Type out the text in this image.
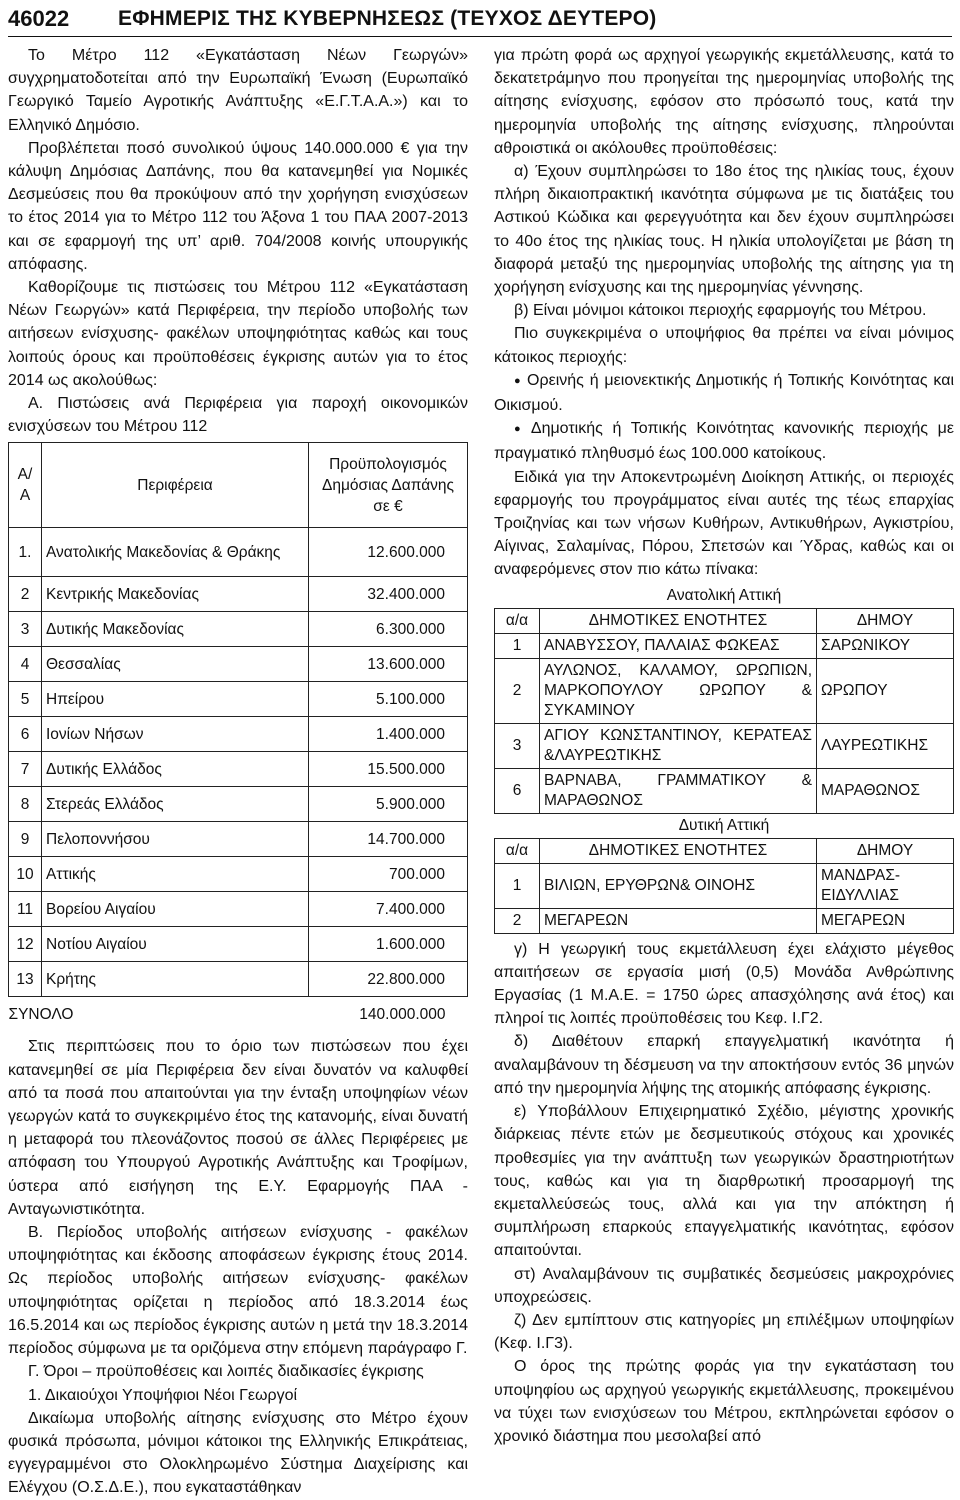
46022	ΕΦΗΜΕΡΙΣ ΤΗΣ ΚΥΒΕΡΝΗΣΕΩΣ (ΤΕΥΧΟΣ ΔΕΥΤΕΡΟ)

Το Μέτρο 112 «Εγκατάσταση Νέων Γεωργών» συγχρηματοδοτείται από την Ευρωπαϊκή Ένωση (Ευρωπαϊκό Γεωργικό Ταμείο Αγροτικής Ανάπτυξης «Ε.Γ.Τ.Α.Α.») και το Ελληνικό Δημόσιο.

Προβλέπεται ποσό συνολικού ύψους 140.000.000 € για την κάλυψη Δημόσιας Δαπάνης, που θα κατανεμηθεί για Νομικές Δεσμεύσεις που θα προκύψουν από την χορήγηση ενισχύσεων το έτος 2014 για το Μέτρο 112 του Άξονα 1 του ΠΑΑ 2007-2013 και σε εφαρμογή της υπ’ αριθ. 704/2008 κοινής υπουργικής απόφασης.

Καθορίζουμε τις πιστώσεις του Μέτρου 112 «Εγκατάσταση Νέων Γεωργών» κατά Περιφέρεια, την περίοδο υποβολής των αιτήσεων ενίσχυσης- φακέλων υποψηφιότητας καθώς και τους λοιπούς όρους και προϋποθέσεις έγκρισης αυτών για το έτος 2014 ως ακολούθως:

Α. Πιστώσεις ανά Περιφέρεια για παροχή οικονομικών ενισχύσεων του Μέτρου 112

Α/Α	Περιφέρεια	Προϋπολογισμός Δημόσιας Δαπάνης σε €
1.	Ανατολικής Μακεδονίας & Θράκης	12.600.000
2	Κεντρικής Μακεδονίας	32.400.000
3	Δυτικής Μακεδονίας	6.300.000
4	Θεσσαλίας	13.600.000
5	Ηπείρου	5.100.000
6	Ιονίων Νήσων	1.400.000
7	Δυτικής Ελλάδος	15.500.000
8	Στερεάς Ελλάδος	5.900.000
9	Πελοποννήσου	14.700.000
10	Αττικής	700.000
11	Βορείου Αιγαίου	7.400.000
12	Νοτίου Αιγαίου	1.600.000
13	Κρήτης	22.800.000
ΣΥΝΟΛΟ		140.000.000

Στις περιπτώσεις που το όριο των πιστώσεων που έχει κατανεμηθεί σε μία Περιφέρεια δεν είναι δυνατόν να καλυφθεί από τα ποσά που απαιτούνται για την ένταξη υποψηφίων νέων γεωργών κατά το συγκεκριμένο έτος της κατανομής, είναι δυνατή η μεταφορά του πλεονάζοντος ποσού σε άλλες Περιφέρειες με απόφαση του Υπουργού Αγροτικής Ανάπτυξης και Τροφίμων, ύστερα από εισήγηση της Ε.Υ. Εφαρμογής ΠΑΑ - Ανταγωνιστικότητα.

Β. Περίοδος υποβολής αιτήσεων ενίσχυσης - φακέλων υποψηφιότητας και έκδοσης αποφάσεων έγκρισης έτους 2014. Ως περίοδος υποβολής αιτήσεων ενίσχυσης- φακέλων υποψηφιότητας ορίζεται η περίοδος από 18.3.2014 έως 16.5.2014 και ως περίοδος έγκρισης αυτών η μετά την 18.3.2014 περίοδος σύμφωνα με τα οριζόμενα στην επόμενη παράγραφο Γ.

Γ. Όροι – προϋποθέσεις και λοιπές διαδικασίες έγκρισης

1. Δικαιούχοι Υποψήφιοι Νέοι Γεωργοί

Δικαίωμα υποβολής αίτησης ενίσχυσης στο Μέτρο έχουν φυσικά πρόσωπα, μόνιμοι κάτοικοι της Ελληνικής Επικράτειας, εγγεγραμμένοι στο Ολοκληρωμένο Σύστημα Διαχείρισης και Ελέγχου (Ο.Σ.Δ.Ε.), που εγκαταστάθηκαν

για πρώτη φορά ως αρχηγοί γεωργικής εκμετάλλευσης, κατά το δεκατετράμηνο που προηγείται της ημερομηνίας υποβολής της αίτησης ενίσχυσης, εφόσον στο πρόσωπό τους, κατά την ημερομηνία υποβολής της αίτησης ενίσχυσης, πληρούνται αθροιστικά οι ακόλουθες προϋποθέσεις:

α) Έχουν συμπληρώσει το 18ο έτος της ηλικίας τους, έχουν πλήρη δικαιοπρακτική ικανότητα σύμφωνα με τις διατάξεις του Αστικού Κώδικα και φερεγγυότητα και δεν έχουν συμπληρώσει το 40ο έτος της ηλικίας τους. Η ηλικία υπολογίζεται με βάση τη διαφορά μεταξύ της ημερομηνίας υποβολής της αίτησης για τη χορήγηση ενίσχυσης και της ημερομηνίας γέννησης.

β) Είναι μόνιμοι κάτοικοι περιοχής εφαρμογής του Μέτρου.

Πιο συγκεκριμένα ο υποψήφιος θα πρέπει να είναι μόνιμος κάτοικος περιοχής:

● Ορεινής ή μειονεκτικής Δημοτικής ή Τοπικής Κοινότητας και Οικισμού.

● Δημοτικής ή Τοπικής Κοινότητας κανονικής περιοχής με πραγματικό πληθυσμό έως 100.000 κατοίκους.

Ειδικά για την Αποκεντρωμένη Διοίκηση Αττικής, οι περιοχές εφαρμογής του προγράμματος είναι αυτές της τέως επαρχίας Τροιζηνίας και των νήσων Κυθήρων, Αντικυθήρων, Αγκιστρίου, Αίγινας, Σαλαμίνας, Πόρου, Σπετσών και Ύδρας, καθώς και οι αναφερόμενες στον πιο κάτω πίνακα:

Ανατολική Αττική		
α/α	ΔΗΜΟΤΙΚΕΣ ΕΝΟΤΗΤΕΣ	ΔΗΜΟΥ
1	ΑΝΑΒΥΣΣΟΥ, ΠΑΛΑΙΑΣ ΦΩΚΕΑΣ	ΣΑΡΩΝΙΚΟΥ
2	ΑΥΛΩΝΟΣ, ΚΑΛΑΜΟΥ, ΩΡΩΠΙΩΝ, ΜΑΡΚΟΠΟΥΛΟΥ ΩΡΩΠΟΥ & ΣΥΚΑΜΙΝΟΥ	ΩΡΩΠΟΥ
3	ΑΓΙΟΥ ΚΩΝΣΤΑΝΤΙΝΟΥ, ΚΕΡΑΤΕΑΣ &ΛΑΥΡΕΩΤΙΚΗΣ	ΛΑΥΡΕΩΤΙΚΗΣ
6	ΒΑΡΝΑΒΑ, ΓΡΑΜΜΑΤΙΚΟΥ & ΜΑΡΑΘΩΝΟΣ	ΜΑΡΑΘΩΝΟΣ
Δυτική Αττική		
α/α	ΔΗΜΟΤΙΚΕΣ ΕΝΟΤΗΤΕΣ	ΔΗΜΟΥ
1	ΒΙΛΙΩΝ, ΕΡΥΘΡΩΝ& ΟΙΝΟΗΣ	ΜΑΝΔΡΑΣ- ΕΙΔΥΛΛΙΑΣ
2	ΜΕΓΑΡΕΩΝ	ΜΕΓΑΡΕΩΝ

γ) Η γεωργική τους εκμετάλλευση έχει ελάχιστο μέγεθος απαιτήσεων σε εργασία μισή (0,5) Μονάδα Ανθρώπινης Εργασίας (1 Μ.Α.Ε. = 1750 ώρες απασχόλησης ανά έτος) και πληροί τις λοιπές προϋποθέσεις του Κεφ. Ι.Γ2.

δ) Διαθέτουν επαρκή επαγγελματική ικανότητα ή αναλαμβάνουν τη δέσμευση να την αποκτήσουν εντός 36 μηνών από την ημερομηνία λήψης της ατομικής απόφασης έγκρισης.

ε) Υποβάλλουν Επιχειρηματικό Σχέδιο, μέγιστης χρονικής διάρκειας πέντε ετών με δεσμευτικούς στόχους και χρονικές προθεσμίες για την ανάπτυξη των γεωργικών δραστηριοτήτων τους, καθώς και για τη διαρθρωτική προσαρμογή της εκμεταλλεύσεώς τους, αλλά και για την απόκτηση ή συμπλήρωση επαρκούς επαγγελματικής ικανότητας, εφόσον απαιτούνται.

στ) Αναλαμβάνουν τις συμβατικές δεσμεύσεις μακροχρόνιες υποχρεώσεις.

ζ) Δεν εμπίπτουν στις κατηγορίες μη επιλέξιμων υποψηφίων (Κεφ. Ι.Γ3).

Ο όρος της πρώτης φοράς για την εγκατάσταση του υποψηφίου ως αρχηγού γεωργικής εκμετάλλευσης, προκειμένου να τύχει των ενισχύσεων του Μέτρου, εκπληρώνεται εφόσον ο χρονικό διάστημα που μεσολαβεί από
